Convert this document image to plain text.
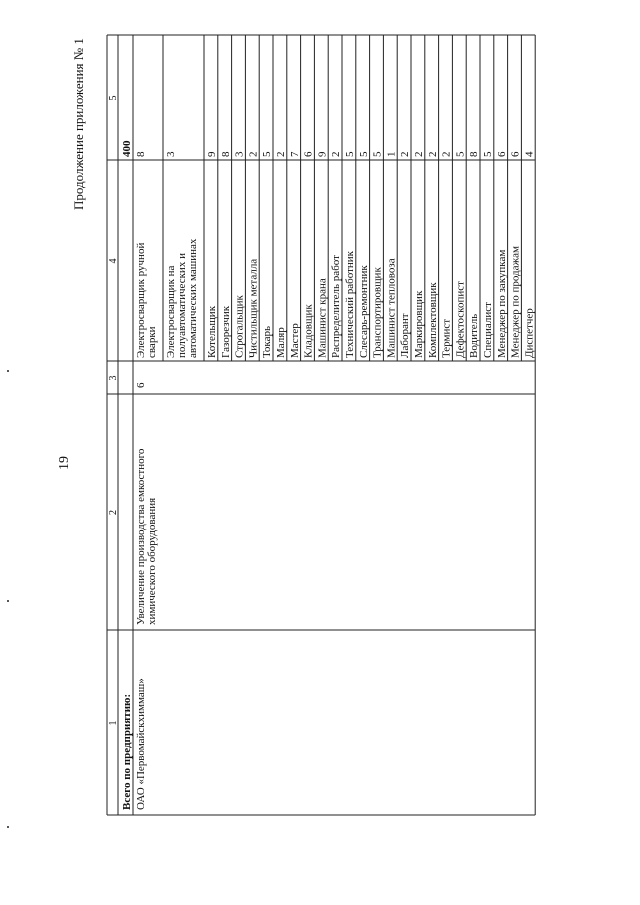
Продолжение приложения № 1
19
1
2
3
4
5
Всего по предприятию:
400
ОАО «Первомайскхиммаш»
Увеличение производства емкостного химического оборудования
6
Электросварщик ручной сварки
8
Электросварщик на полуавтоматических и автоматических машинах
3
Котельщик
9
Газорезчик
8
Строгальщик
3
Чистильщик металла
2
Токарь
5
Маляр
2
Мастер
7
Кладовщик
6
Машинист крана
9
Распределитель работ
2
Технический работник
5
Слесарь-ремонтник
5
Транспортировщик
5
Машинист тепловоза
1
Лаборант
2
Маркировщик
2
Комплектовщик
2
Термист
2
Дефектоскопист
5
Водитель
8
Специалист
5
Менеджер по закупкам
6
Менеджер по продажам
6
Диспетчер
4
